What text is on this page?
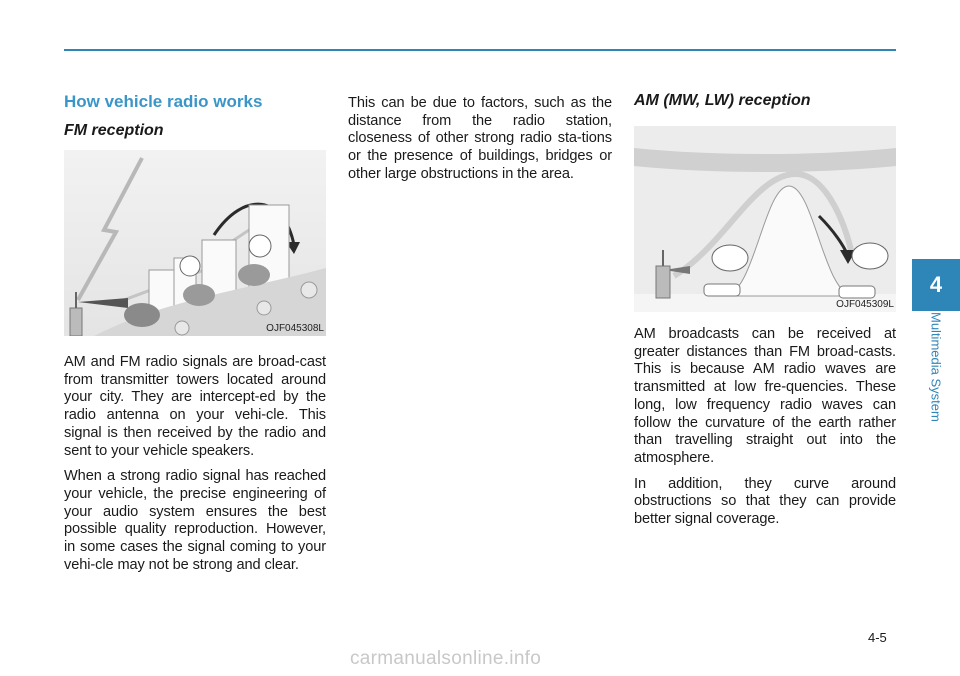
How vehicle radio works
FM reception
OJF045308L

AM and FM radio signals are broad-cast from transmitter towers located around your city. They are intercept-ed by the radio antenna on your vehi-cle. This signal is then received by the radio and sent to your vehicle speakers.

When a strong radio signal has reached your vehicle, the precise engineering of your audio system ensures the best possible quality reproduction. However, in some cases the signal coming to your vehi-cle may not be strong and clear.

This can be due to factors, such as the distance from the radio station, closeness of other strong radio sta-tions or the presence of buildings, bridges or other large obstructions in the area.

AM (MW, LW) reception
OJF045309L

AM broadcasts can be received at greater distances than FM broad-casts. This is because AM radio waves are transmitted at low fre-quencies. These long, low frequency radio waves can follow the curvature of the earth rather than travelling straight out into the atmosphere.

In addition, they curve around obstructions so that they can provide better signal coverage.

4
Multimedia System
4-5
carmanualsonline.info
